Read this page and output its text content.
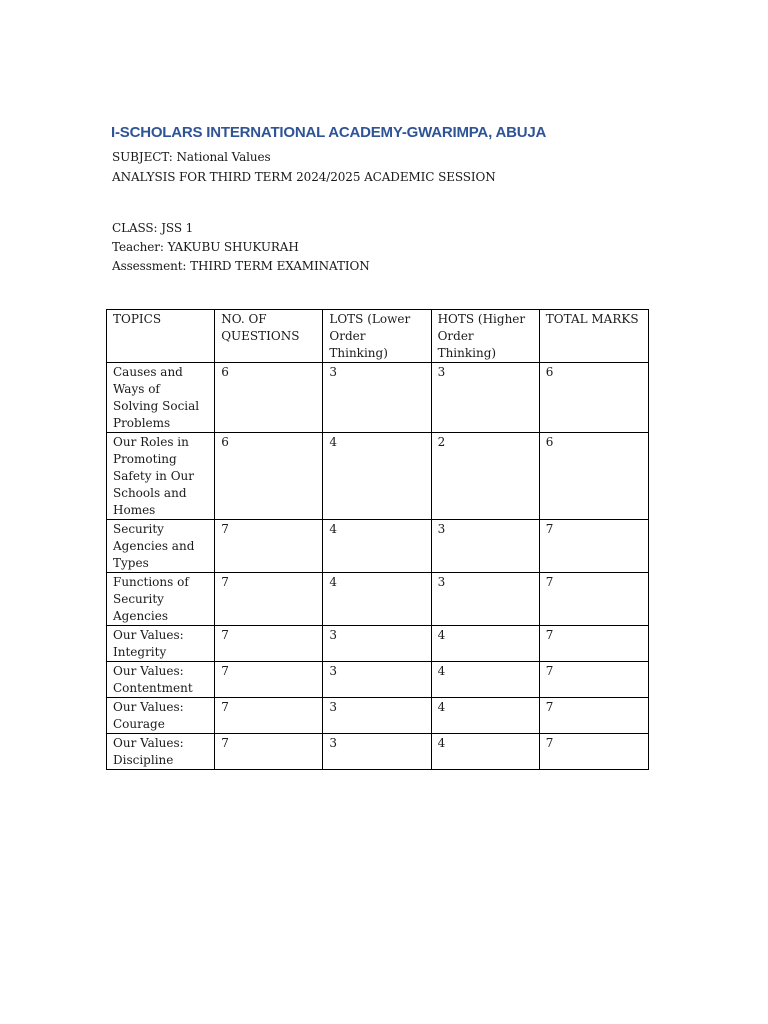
I-SCHOLARS INTERNATIONAL ACADEMY-GWARIMPA, ABUJA
SUBJECT: National Values
ANALYSIS FOR THIRD TERM 2024/2025 ACADEMIC SESSION
CLASS: JSS 1
Teacher: YAKUBU SHUKURAH
Assessment: THIRD TERM EXAMINATION
TOPICS	NO. OF QUESTIONS	LOTS (Lower Order Thinking)	HOTS (Higher Order Thinking)	TOTAL MARKS
Causes and Ways of Solving Social Problems	6	3	3	6
Our Roles in Promoting Safety in Our Schools and Homes	6	4	2	6
Security Agencies and Types	7	4	3	7
Functions of Security Agencies	7	4	3	7
Our Values: Integrity	7	3	4	7
Our Values: Contentment	7	3	4	7
Our Values: Courage	7	3	4	7
Our Values: Discipline	7	3	4	7
